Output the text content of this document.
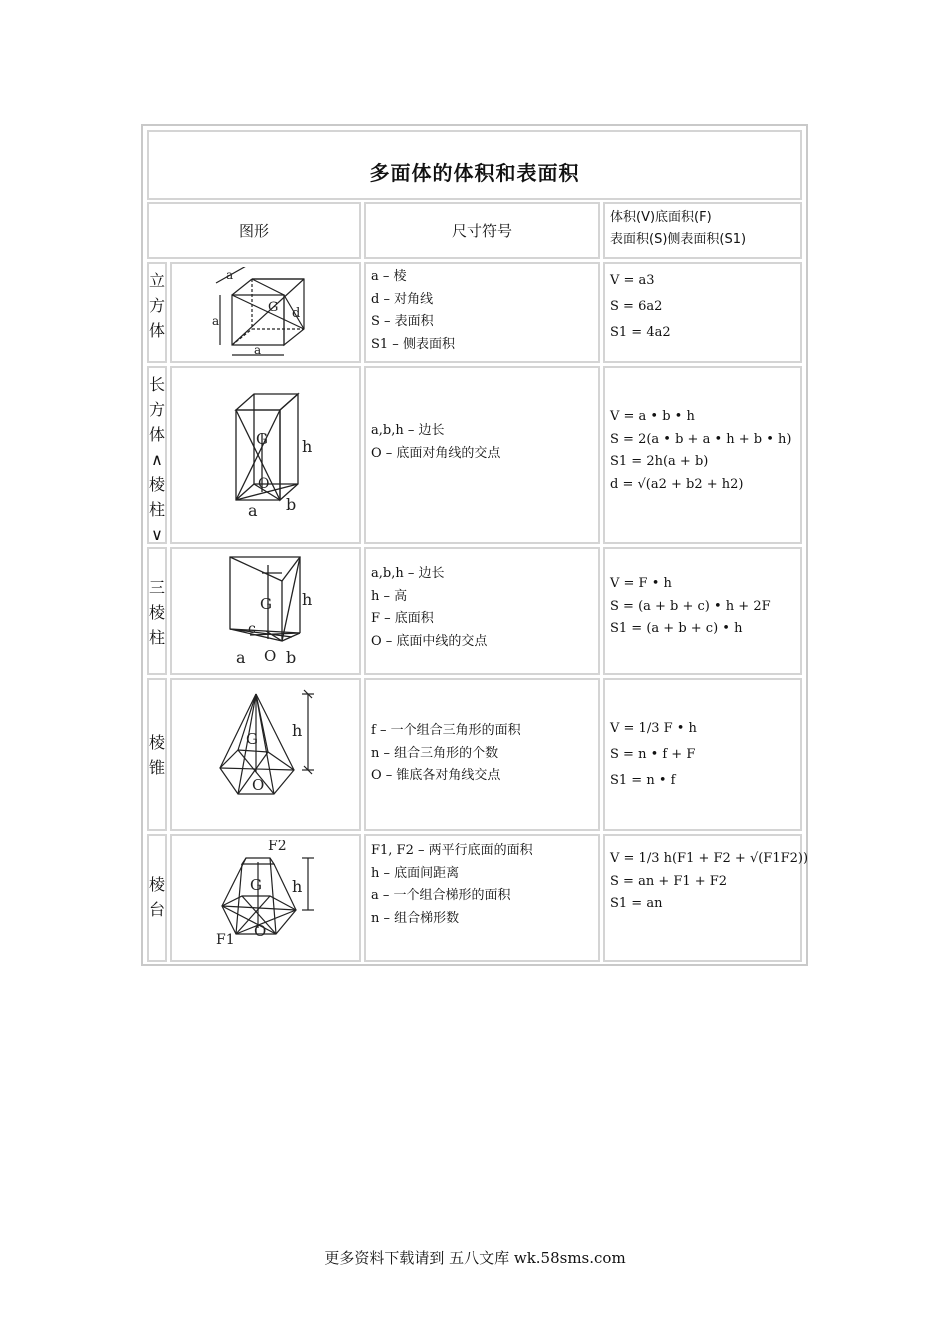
多面体的体积和表面积
图形	尺寸符号
体积(V)底面积(F)
表面积(S)侧表面积(S1)
立
方
体
a
a
a
G d
a – 棱
d – 对角线
S – 表面积
S1 – 侧表面积
V = a3
S = 6a2
S1 = 4a2
长
方
体
∧
棱
柱
∨
G h
O
a b
a,b,h – 边长
O – 底面对角线的交点
V = a • b • h
S = 2(a • b + a • h + b • h)
S1 = 2h(a + b)
d = √(a2 + b2 + h2)
三
棱
柱
G h
c
a O b
a,b,h – 边长
h – 高
F – 底面积
O – 底面中线的交点
V = F • h
S = (a + b + c) • h + 2F
S1 = (a + b + c) • h
棱
锥
G
O
h	f – 一个组合三角形的面积
n – 组合三角形的个数
O – 锥底各对角线交点
V = 1/3 F • h
S = n • f + F
S1 = n • f
棱
台
F2
G h
O
F1
F1, F2 – 两平行底面的面积
h – 底面间距离
a – 一个组合梯形的面积
n – 组合梯形数
V = 1/3 h(F1 + F2 + √(F1F2))
S = an + F1 + F2
S1 = an
更多资料下载请到 五八文库 wk.58sms.com
